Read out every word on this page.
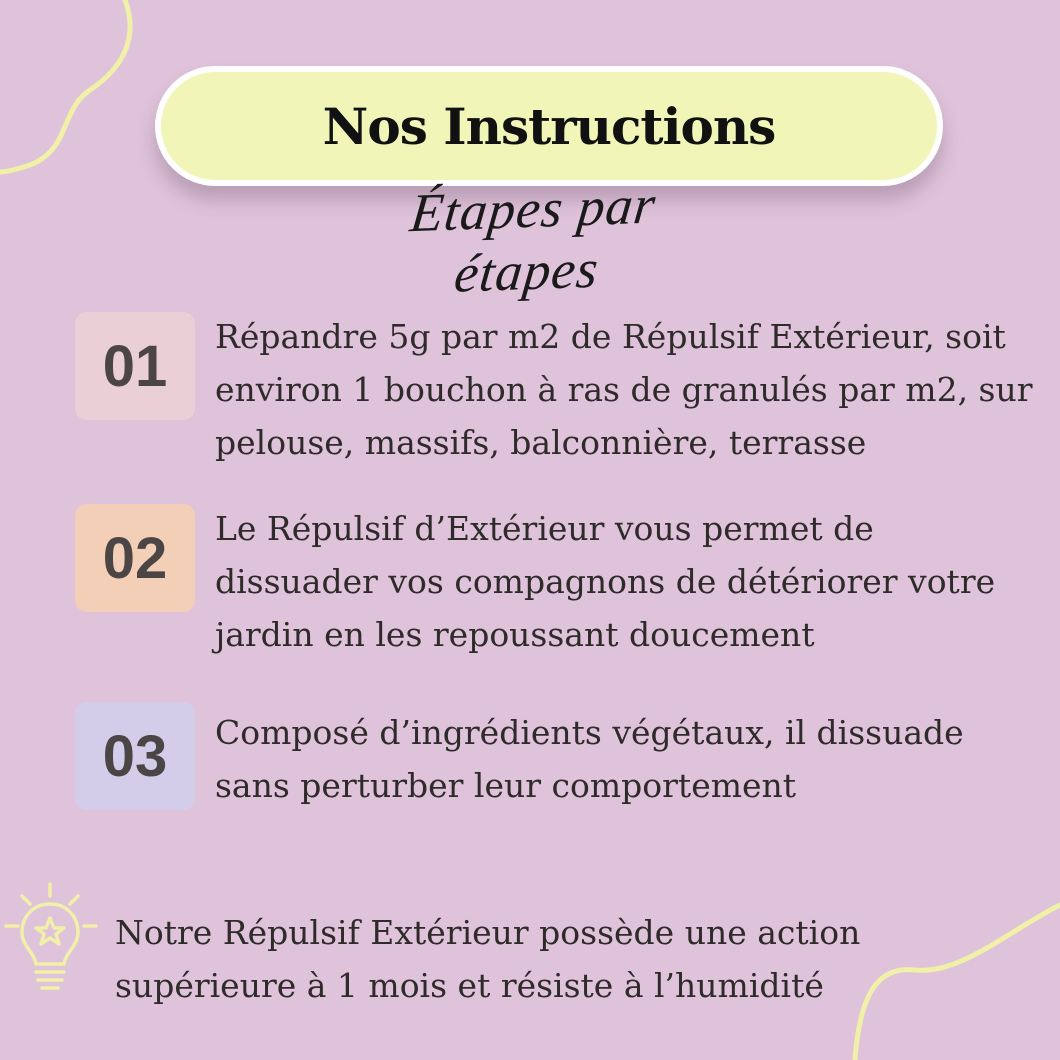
Nos Instructions
Étapes par étapes
01	Répandre 5g par m2 de Répulsif Extérieur, soit
environ 1 bouchon à ras de granulés par m2, sur
pelouse, massifs, balconnière, terrasse
02	Le Répulsif d’Extérieur vous permet de
dissuader vos compagnons de détériorer votre
jardin en les repoussant doucement
03	Composé d’ingrédients végétaux, il dissuade
sans perturber leur comportement
Notre Répulsif Extérieur possède une action
supérieure à 1 mois et résiste à l’humidité
